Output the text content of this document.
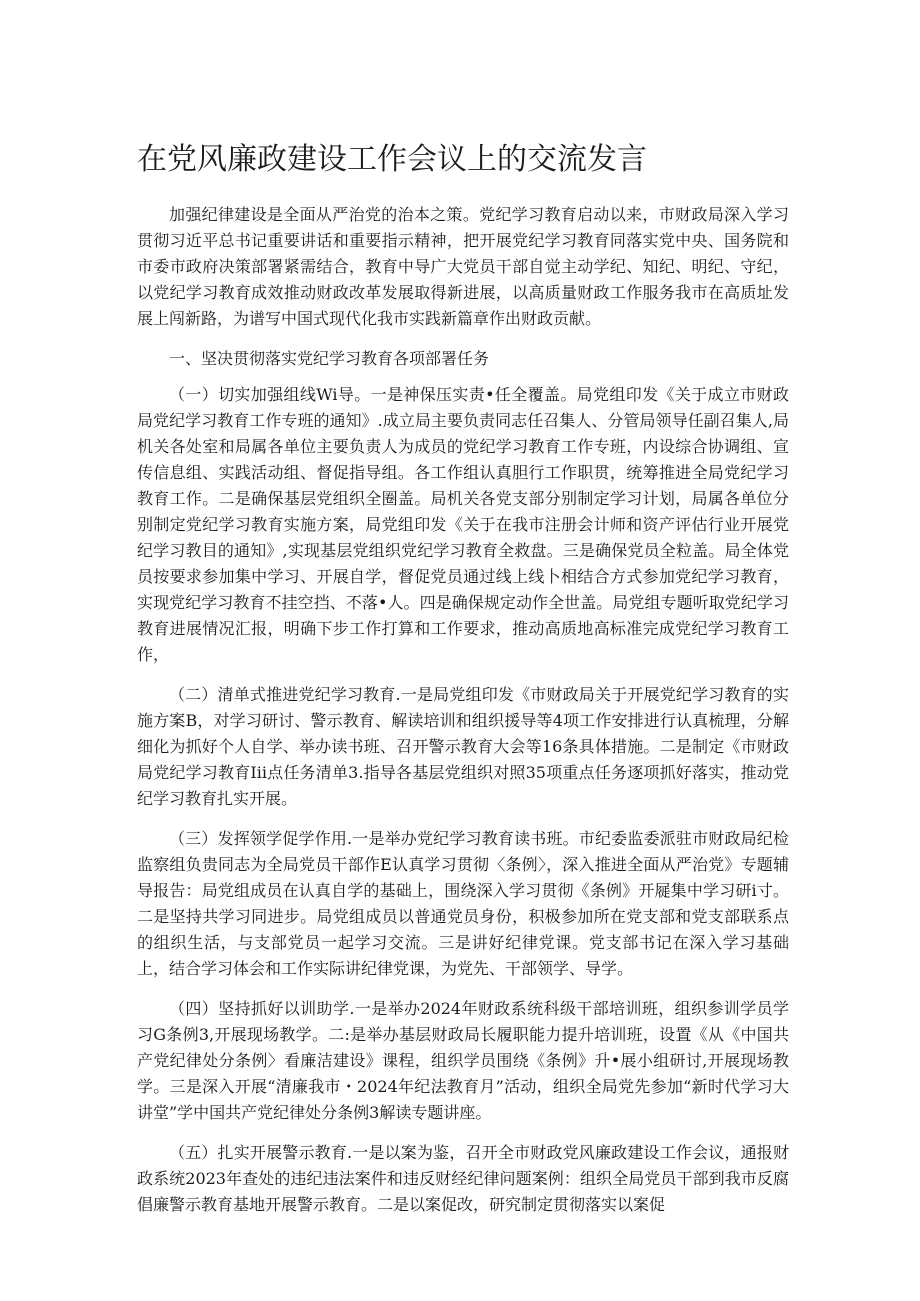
在党风廉政建设工作会议上的交流发言

加强纪律建设是全面从严治党的治本之策。党纪学习教育启动以来，市财政局深入学习贯彻习近平总书记重要讲话和重要指示精神，把开展党纪学习教育同落实党中央、国务院和市委市政府决策部署紧需结合，教育中导广大党员干部自觉主动学纪、知纪、明纪、守纪，以党纪学习教育成效推动财政改革发展取得新进展，以高质量财政工作服务我市在高质址发展上闯新路，为谱写中国式现代化我市实践新篇章作出财政贡献。

一、坚决贯彻落实党纪学习教育各项部署任务

（一）切实加强组线Wi导。一是神保压实责•任全覆盖。局党组印发《关于成立市财政局党纪学习教育工作专班的通知》.成立局主要负责同志任召集人、分管局领导任副召集人,局机关各处室和局属各单位主要负责人为成员的党纪学习教育工作专班，内设综合协调组、宣传信息组、实践活动组、督促指导组。各工作组认真胆行工作职贯，统筹推进全局党纪学习教育工作。二是确保基层党组织全圈盖。局机关各党支部分别制定学习计划，局属各单位分别制定党纪学习教育实施方案，局党组印发《关于在我市注册会计师和资产评估行业开展党纪学习教目的通知》,实现基层党组织党纪学习教育全救盘。三是确保党员全粒盖。局全体党员按要求参加集中学习、开展自学，督促党员通过线上线卜相结合方式参加党纪学习教育，实现党纪学习教育不挂空挡、不落•人。四是确保规定动作全世盖。局党组专题听取党纪学习教育进展情况汇报，明确下步工作打算和工作要求，推动高质地高标准完成党纪学习教育工作，

（二）清单式推进党纪学习教育.一是局党组印发《市财政局关于开展党纪学习教育的实施方案B，对学习研讨、警示教育、解读培训和组织援导等4项工作安排进行认真梳理，分解细化为抓好个人自学、举办读书班、召开警示教育大会等16条具体措施。二是制定《市财政局党纪学习教育Iii点任务清单3.指导各基层党组织对照35项重点任务逐项抓好落实，推动党纪学习教育扎实开展。

（三）发挥领学促学作用.一是举办党纪学习教育读书班。市纪委监委派驻市财政局纪检监察组负贵同志为全局党员干部作E认真学习贯彻〈条例〉，深入推进全面从严治党》专题辅导报告：局党组成员在认真自学的基础上，围绕深入学习贯彻《条例》开屣集中学习研i寸。二是坚持共学习同进步。局党组成员以普通党员身份，积极参加所在党支部和党支部联系点的组织生活，与支部党员一起学习交流。三是讲好纪律党课。党支部书记在深入学习基础上，结合学习体会和工作实际讲纪律党课，为党先、干部领学、导学。

（四）坚持抓好以训助学.一是举办2024年财政系统科级干部培训班，组织参训学员学习G条例3,开展现场教学。二:是举办基层财政局长履职能力提升培训班，设置《从《中国共产党纪律处分条例〉看廉洁建设》课程，组织学员围绕《条例》升•展小组研讨,开展现场教学。三是深入开展“清廉我市・2024年纪法教育月”活动，组织全局党先参加“新时代学习大讲堂”学中国共产党纪律处分条例3解读专题讲座。

（五）扎实开展警示教育.一是以案为鉴，召开全市财政党风廉政建设工作会议，通报财政系统2023年查处的违纪违法案件和违反财经纪律问题案例：组织全局党员干部到我市反腐倡廉警示教育基地开展警示教育。二是以案促改，研究制定贯彻落实以案促
